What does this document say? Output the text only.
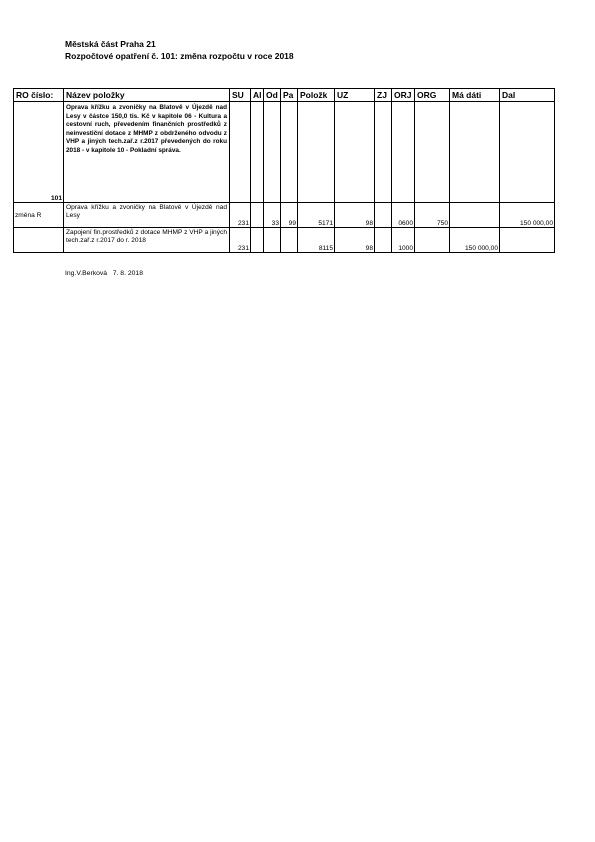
Městská část Praha 21
Rozpočtové opatření č. 101: změna rozpočtu v roce 2018
RO číslo:	Název položky	SU	Al	Od	Pa	Položk	UZ	ZJ	ORJ	ORG	Má dáti	Dal
101	Oprava křížku a zvoničky na Blatově v Újezdě nad Lesy v částce 150,0 tis. Kč v kapitole 06 - Kultura a cestovní ruch, převedením finančních prostředků z neinvestiční dotace z MHMP z obdrženého odvodu z VHP a jiných tech.zař.z r.2017 převedených do roku 2018 - v kapitole 10 - Pokladní správa.											
změna R	Oprava křížku a zvoničky na Blatově v Újezdě nad Lesy	231		33	99	5171	98		0600	750		150 000,00
	Zapojení fin.prostředků z dotace MHMP z VHP a jiných tech.zař.z r.2017 do r. 2018	231				8115	98		1000		150 000,00	
Ing.V.Berková 7. 8. 2018
